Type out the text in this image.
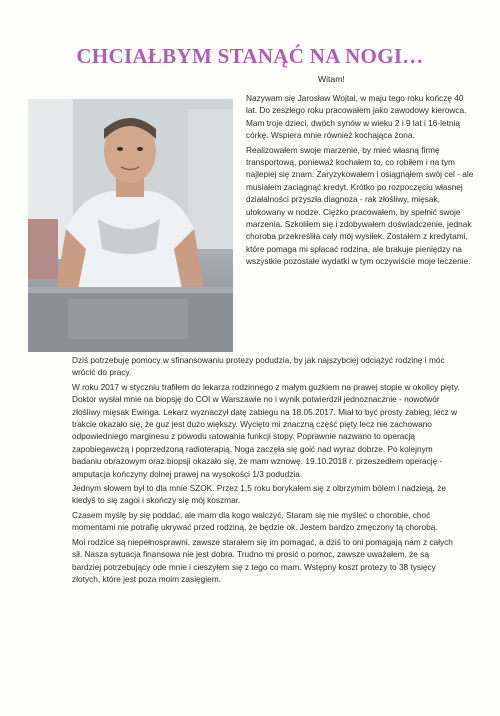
CHCIAŁBYM STANĄĆ NA NOGI…
Witam!

Nazywam się Jarosław Wojtal, w maju tego roku kończę 40 lat. Do zeszłego roku pracowałem jako zawodowy kierowca. Mam troje dzieci, dwóch synów w wieku 2 i 9 lat i 16-letnią córkę. Wspiera mnie również kochająca żona.

Realizowałem swoje marzenie, by mieć własną firmę transportową, ponieważ kochałem to, co robiłem i na tym najlepiej się znam. Zaryzykowałem i osiągnąłem swój cel - ale musiałem zaciągnąć kredyt. Krótko po rozpoczęciu własnej działalności przyszła diagnoza - rak złośliwy, mięsak, ulokowany w nodze. Ciężko pracowałem, by spełnić swoje marzenia. Szkoliłem się i zdobywałem doświadczenie, jednak choroba przekreśliła cały mój wysiłek. Zostałem z kredytami, które pomaga mi spłacać rodzina, ale brakuje pieniędzy na wszystkie pozostałe wydatki w tym oczywiście moje leczenie.

Dziś potrzebuję pomocy w sfinansowaniu protezy podudzia, by jak najszybciej odciążyć rodzinę i móc wrócić do pracy.

W roku 2017 w styczniu trafiłem do lekarza rodzinnego z małym guzkiem na prawej stopie w okolicy pięty. Doktor wysłał mnie na biopsję do COI w Warszawie no i wynik potwierdził jednoznacznie - nowotwór złośliwy mięsak Ewinga. Lekarz wyznaczył datę zabiegu na 18.05.2017. Miał to być prosty zabieg, lecz w trakcie okazało się, że guz jest dużo większy. Wycięto mi znaczną część pięty lecz nie zachowano odpowiedniego marginesu z powodu ratowania funkcji stopy. Poprawnie nazwano to operacją zapobiegawczą i poprzedzoną radioterapią. Noga zaczęła się goić nad wyraz dobrze. Po kolejnym badaniu obrazowym oraz biopsji okazało się, że mam wznowę. 19.10.2018 r. przeszedłem operację - amputacja kończyny dolnej prawej na wysokości 1/3 podudzia.

Jednym słowem był to dla mnie SZOK. Przez 1,5 roku borykałem się z olbrzymim bólem i nadzieją, że kiedyś to się zagoi i skończy się mój koszmar.

Czasem myślę by się poddać, ale mam dla kogo walczyć. Staram się nie myśleć o chorobie, choć momentami nie potrafię ukrywać przed rodziną, że będzie ok. Jestem bardzo zmęczony tą chorobą.

Moi rodzice są niepełnosprawni, zawsze starałem się im pomagać, a dziś to oni pomagają nam z całych sił. Nasza sytuacja finansowa nie jest dobra. Trudno mi prosić o pomoc, zawsze uważałem, że są bardziej potrzebujący ode mnie i cieszyłem się z tego co mam. Wstępny koszt protezy to 38 tysięcy złotych, które jest poza moim zasięgiem.
